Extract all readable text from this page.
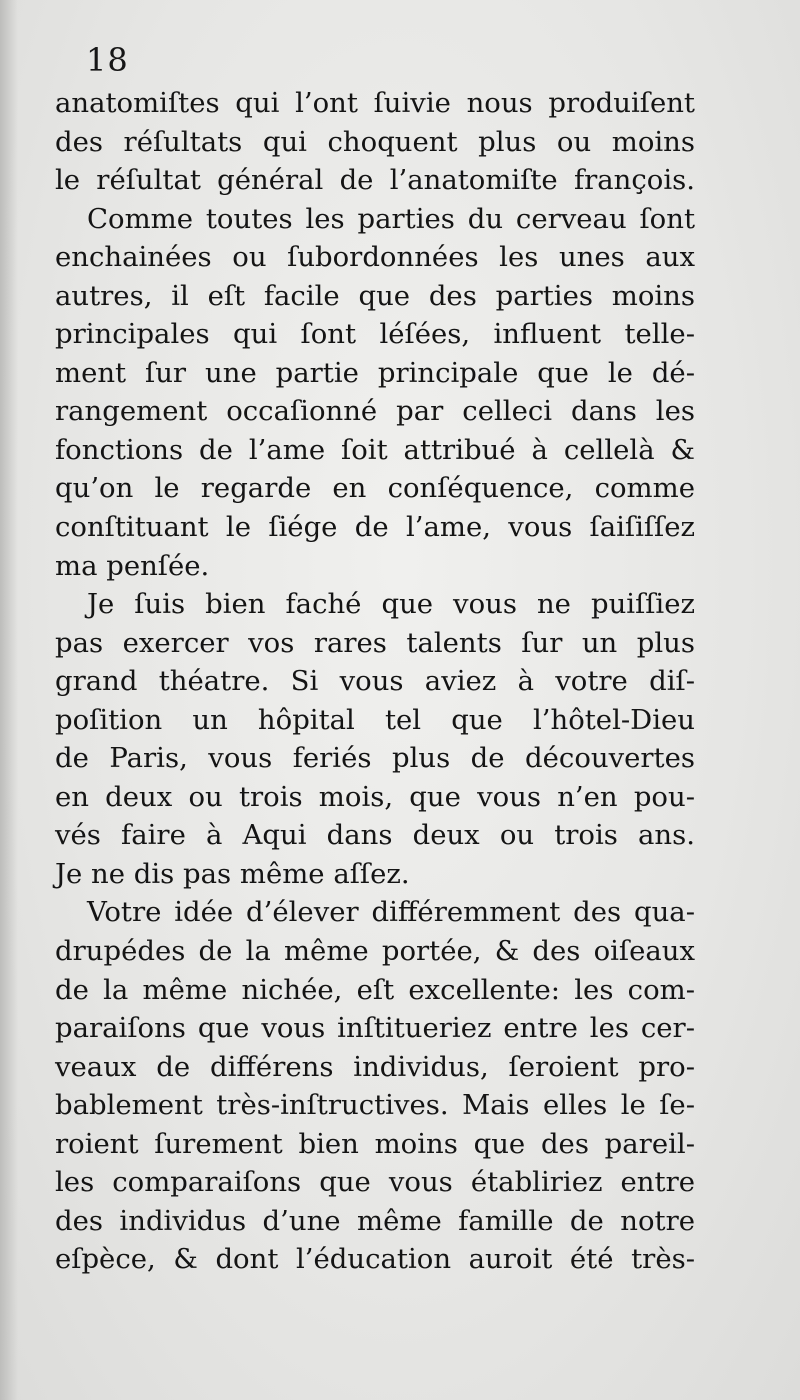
18
anatomiſtes qui l’ont ſuivie nous produiſent
des réſultats qui choquent plus ou moins
le réſultat général de l’anatomiſte françois.
Comme toutes les parties du cerveau ſont
enchainées ou ſubordonnées les unes aux
autres, il eſt facile que des parties moins
principales qui ſont léſées, influent telle-
ment ſur une partie principale que le dé-
rangement occaſionné par celleci dans les
fonctions de l’ame ſoit attribué à cellelà &
qu’on le regarde en conſéquence, comme
conſtituant le ſiége de l’ame, vous ſaiſiſſez
ma penſée.
Je ſuis bien faché que vous ne puiſſiez
pas exercer vos rares talents ſur un plus
grand théatre. Si vous aviez à votre diſ-
poſition un hôpital tel que l’hôtel-Dieu
de Paris, vous feriés plus de découvertes
en deux ou trois mois, que vous n’en pou-
vés faire à Aqui dans deux ou trois ans.
Je ne dis pas même aſſez.
Votre idée d’élever différemment des qua-
drupédes de la même portée, & des oiſeaux
de la même nichée, eſt excellente: les com-
paraiſons que vous inſtitueriez entre les cer-
veaux de différens individus, ſeroient pro-
bablement très-inſtructives. Mais elles le ſe-
roient ſurement bien moins que des pareil-
les comparaiſons que vous établiriez entre
des individus d’une même famille de notre
eſpèce, & dont l’éducation auroit été très-
